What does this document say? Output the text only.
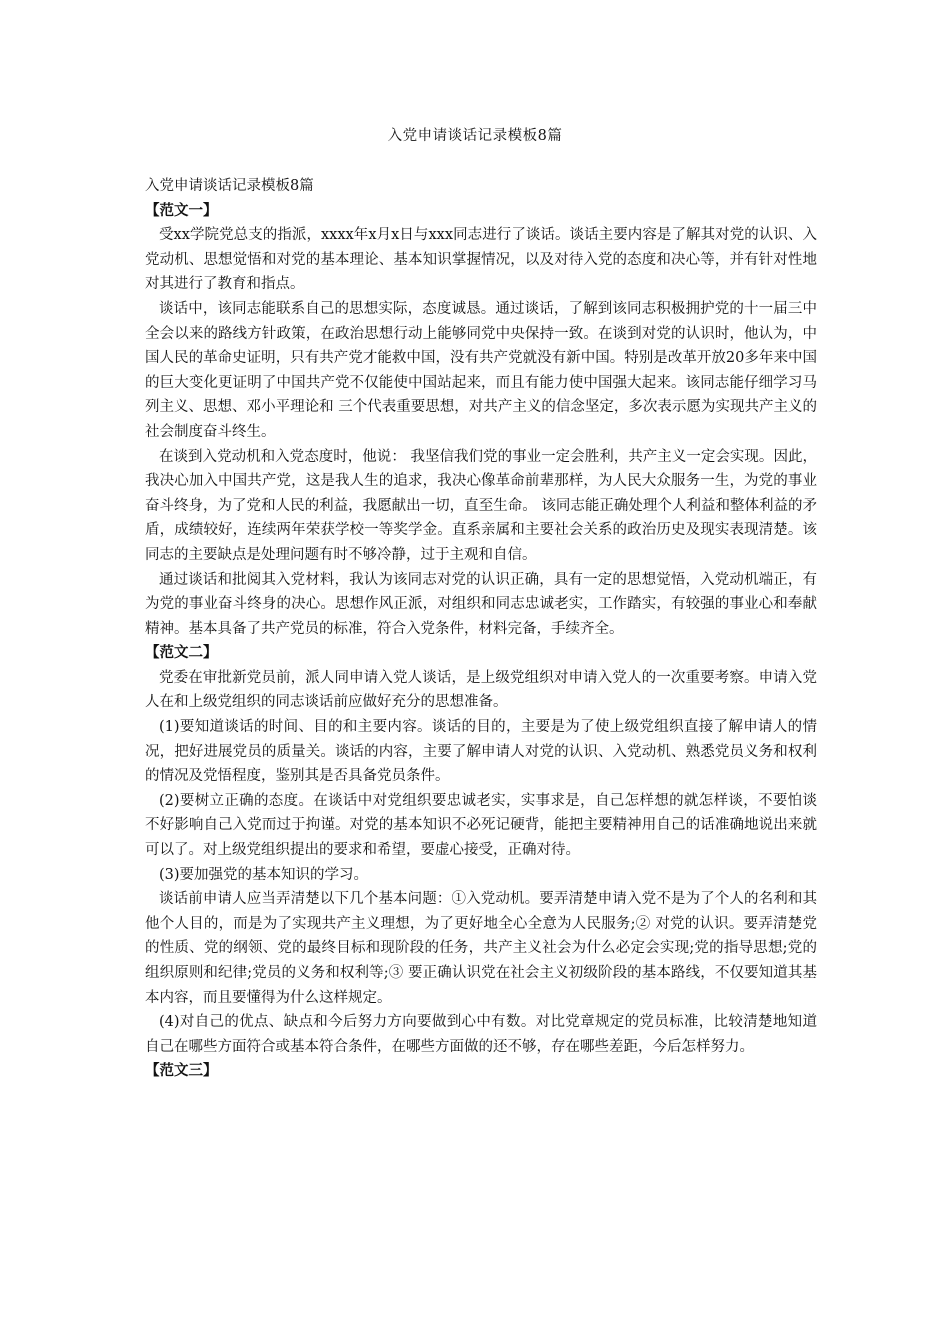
入党申请谈话记录模板8篇

入党申请谈话记录模板8篇

【范文一】

受xx学院党总支的指派，xxxx年x月x日与xxx同志进行了谈话。谈话主要内容是了解其对党的认识、入党动机、思想觉悟和对党的基本理论、基本知识掌握情况，以及对待入党的态度和决心等，并有针对性地对其进行了教育和指点。

谈话中，该同志能联系自己的思想实际，态度诚恳。通过谈话，了解到该同志积极拥护党的十一届三中全会以来的路线方针政策，在政治思想行动上能够同党中央保持一致。在谈到对党的认识时，他认为，中国人民的革命史证明，只有共产党才能救中国，没有共产党就没有新中国。特别是改革开放20多年来中国的巨大变化更证明了中国共产党不仅能使中国站起来，而且有能力使中国强大起来。该同志能仔细学习马列主义、思想、邓小平理论和 三个代表重要思想，对共产主义的信念坚定，多次表示愿为实现共产主义的社会制度奋斗终生。

在谈到入党动机和入党态度时，他说： 我坚信我们党的事业一定会胜利，共产主义一定会实现。因此，我决心加入中国共产党，这是我人生的追求，我决心像革命前辈那样，为人民大众服务一生，为党的事业奋斗终身，为了党和人民的利益，我愿献出一切，直至生命。 该同志能正确处理个人利益和整体利益的矛盾，成绩较好，连续两年荣获学校一等奖学金。直系亲属和主要社会关系的政治历史及现实表现清楚。该同志的主要缺点是处理问题有时不够冷静，过于主观和自信。

通过谈话和批阅其入党材料，我认为该同志对党的认识正确，具有一定的思想觉悟，入党动机端正，有为党的事业奋斗终身的决心。思想作风正派，对组织和同志忠诚老实，工作踏实，有较强的事业心和奉献精神。基本具备了共产党员的标准，符合入党条件，材料完备，手续齐全。

【范文二】

党委在审批新党员前，派人同申请入党人谈话，是上级党组织对申请入党人的一次重要考察。申请入党人在和上级党组织的同志谈话前应做好充分的思想准备。

(1)要知道谈话的时间、目的和主要内容。谈话的目的，主要是为了使上级党组织直接了解申请人的情况，把好进展党员的质量关。谈话的内容，主要了解申请人对党的认识、入党动机、熟悉党员义务和权利的情况及党悟程度，鉴别其是否具备党员条件。

(2)要树立正确的态度。在谈话中对党组织要忠诚老实，实事求是，自己怎样想的就怎样谈，不要怕谈不好影响自己入党而过于拘谨。对党的基本知识不必死记硬背，能把主要精神用自己的话准确地说出来就可以了。对上级党组织提出的要求和希望，要虚心接受，正确对待。

(3)要加强党的基本知识的学习。

谈话前申请人应当弄清楚以下几个基本问题：①入党动机。要弄清楚申请入党不是为了个人的名利和其他个人目的，而是为了实现共产主义理想，为了更好地全心全意为人民服务;② 对党的认识。要弄清楚党的性质、党的纲领、党的最终目标和现阶段的任务，共产主义社会为什么必定会实现;党的指导思想;党的组织原则和纪律;党员的义务和权利等;③ 要正确认识党在社会主义初级阶段的基本路线，不仅要知道其基本内容，而且要懂得为什么这样规定。

(4)对自己的优点、缺点和今后努力方向要做到心中有数。对比党章规定的党员标准，比较清楚地知道自己在哪些方面符合或基本符合条件，在哪些方面做的还不够，存在哪些差距，今后怎样努力。

【范文三】
